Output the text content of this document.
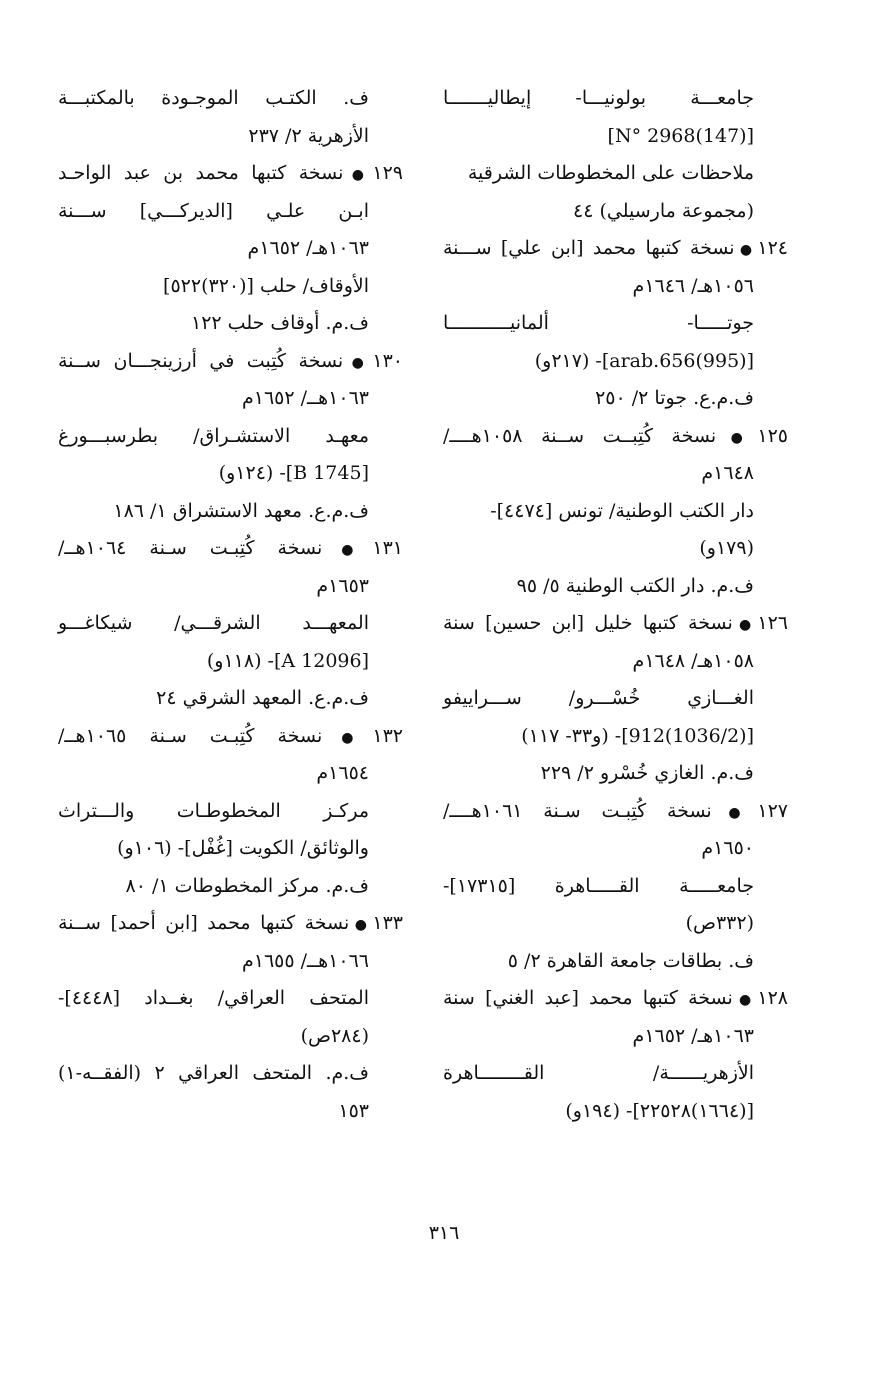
جامعـــة بولونيـــا- إيطاليـــــــا
[(147)N° 2968]
ملاحظات على المخطوطات الشرقية
(مجموعة مارسيلي) ٤٤
١٢٤●نسخة كتبها محمد [ابن علي] ســـنة
١٠٥٦هـ/ ١٦٤٦م
جوتـــــا- ألمانيـــــــــــا
[(995)arab.656]- (٢١٧و)
ف.م.ع. جوتا ٢/ ٢٥٠
١٢٥●نسخة كُتِبــت ســنة ١٠٥٨هــــ/
١٦٤٨م
دار الكتب الوطنية/ تونس [٤٤٧٤]-
(١٧٩و)
ف.م. دار الكتب الوطنية ٥/ ٩٥
١٢٦●نسخة كتبها خليل [ابن حسين] سنة
١٠٥٨هـ/ ١٦٤٨م
الغـــازي خُسْـــرو/ ســـراييفو
[(1036/2)912]- (و٣٣- ١١٧)
ف.م. الغازي خُسْرو ٢/ ٢٢٩
١٢٧●نسخة كُتِبـت سـنة ١٠٦١هــــ/
١٦٥٠م
جامعـــــة القـــــاهرة [١٧٣١٥]-
(٣٣٢ص)
ف. بطاقات جامعة القاهرة ٢/ ٥
١٢٨●نسخة كتبها محمد [عبد الغني] سنة
١٠٦٣هـ/ ١٦٥٢م
الأزهريــــــة/ القــــــــاهرة
[(١٦٦٤)٢٢٥٢٨]- (١٩٤و)
ف. الكتـب الموجـودة بالمكتبـــة
الأزهرية ٢/ ٢٣٧
١٢٩●نسخة كتبها محمد بن عبد الواحـد
ابـن علـي [الديركـــي] ســـنة
١٠٦٣هـ/ ١٦٥٢م
الأوقاف/ حلب [(٣٢٠)٥٢٢]
ف.م. أوقاف حلب ١٢٢
١٣٠●نسخة كُتِبت في أرزينجـــان ســنة
١٠٦٣هــ/ ١٦٥٢م
معهـد الاستشـراق/ بطرسبـــورغ
[B 1745]- (١٢٤و)
ف.م.ع. معهد الاستشراق ١/ ١٨٦
١٣١●نسخة كُتِبـت سـنة ١٠٦٤هــ/
١٦٥٣م
المعهـــد الشرقـــي/ شيكاغـــو
[A 12096]- (١١٨و)
ف.م.ع. المعهد الشرقي ٢٤
١٣٢●نسخة كُتِبـت سـنة ١٠٦٥هــ/
١٦٥٤م
مركـز المخطوطـات والـــتراث
والوثائق/ الكويت [غُفْل]- (١٠٦و)
ف.م. مركز المخطوطات ١/ ٨٠
١٣٣●نسخة كتبها محمد [ابن أحمد] ســنة
١٠٦٦هــ/ ١٦٥٥م
المتحف العراقي/ بغــداد [٤٤٤٨]-
(٢٨٤ص)
ف.م. المتحف العراقي ٢ (الفقــه-١)
١٥٣
٣١٦
